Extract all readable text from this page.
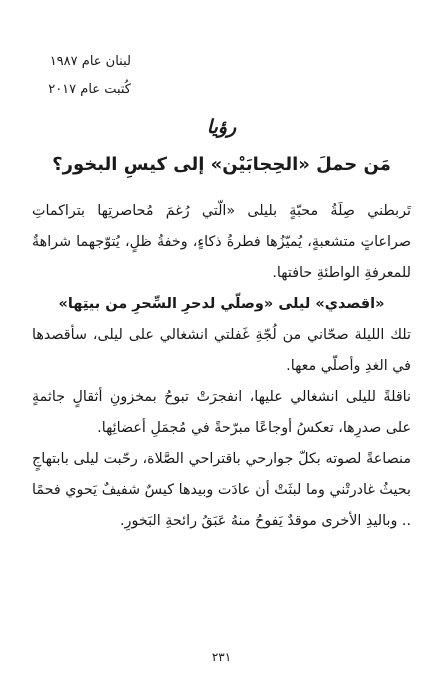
لبنان عام ١٩٨٧
كُتبت عام ٢٠١٧
رؤيا
مَن حملَ «الحِجابَيْن» إلى كيسِ البخور؟

تَربطني صِلَةُ محبّةٍ بليلى «الّتي رُغمَ مُحاصرتِها بتراكماتِ صراعاتٍ متشعبةٍ، يُميّزُها فطرةُ ذكاءٍ، وخفةُ ظلٍ، يُتوّجهما شراهةٌ للمعرفةِ الواطئةِ حافتها.

«اقصدي» ليلى «وصلّي لدحرِ السِّحرِ من بيتِها»

تلك الليلة صحّاني من لُجّةِ غَفلتي انشغالي على ليلى، سأقصدها في الغدِ وأصلّي معها.

ناقلةً لليلى انشغالي عليها، انفجرَتْ تبوحُ بمخزونِ أثقالٍ جاثمةٍ على صدرِها، تعكسُ أوجاعًا مبرّحةً في مُجمَلِ أعضائِها.

منصاعةً لصوته بكلّ جوارحي باقتراحي الصَّلاة، رحّبت ليلى بابتهاجٍ بحيثُ غادرتْني وما لبثَتْ أن عادَت وبيدها كيسٌ شفيفٌ يَحوي فحمًا .. وباليدِ الأخرى موقدٌ يَفوحُ منهُ عَبَقُ رائحةِ البَخورِ.

٢٣١
